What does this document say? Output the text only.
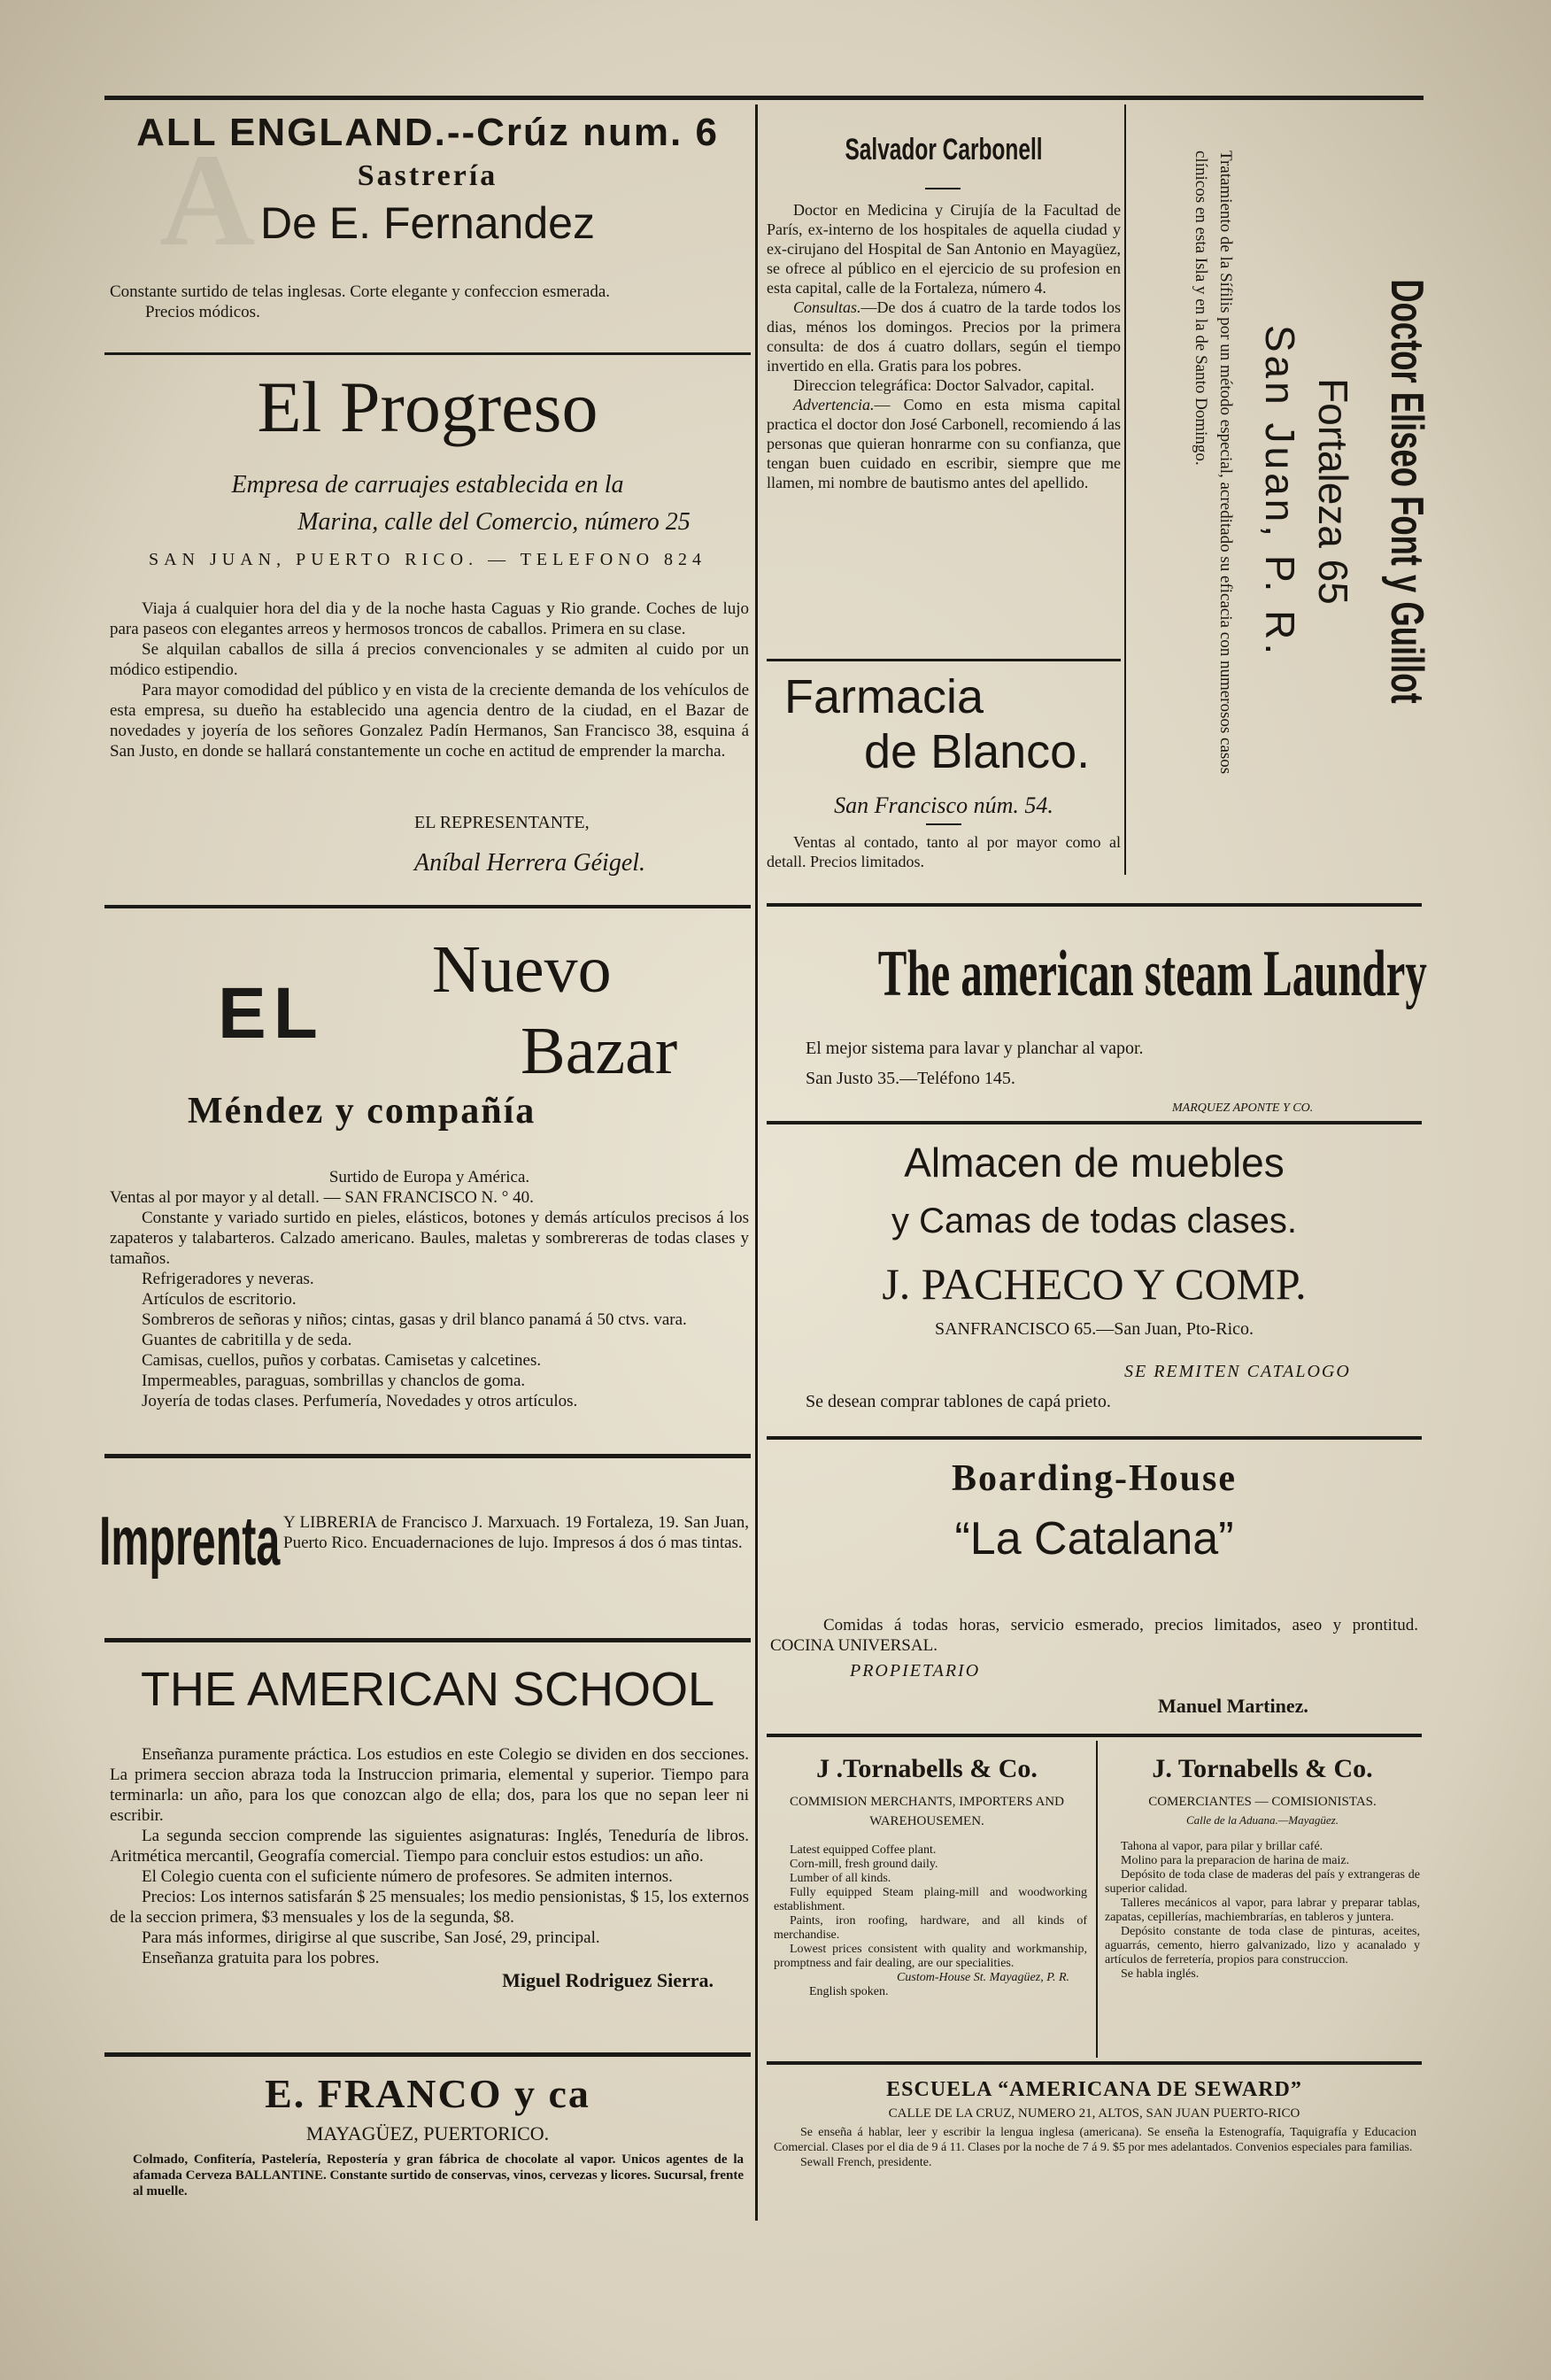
A
ALL ENGLAND.--Crúz num. 6
Sastrería
De E. Fernandez
Constante surtido de telas inglesas. Corte elegante y confeccion esmerada.
Precios módicos.
El Progreso
Empresa de carruajes establecida en la
Marina, calle del Comercio, número 25
SAN JUAN, PUERTO RICO. — TELEFONO 824
Viaja á cualquier hora del dia y de la noche hasta Caguas y Rio grande. Coches de lujo para paseos con elegantes arreos y hermosos troncos de caballos. Primera en su clase.
Se alquilan caballos de silla á precios convencionales y se admiten al cuido por un módico estipendio.
Para mayor comodidad del público y en vista de la creciente demanda de los vehículos de esta empresa, su dueño ha establecido una agencia dentro de la ciudad, en el Bazar de novedades y joyería de los señores Gonzalez Padín Hermanos, San Francisco 38, esquina á San Justo, en donde se hallará constantemente un coche en actitud de emprender la marcha.
EL REPRESENTANTE,
Aníbal Herrera Géigel.
EL
Nuevo
Bazar
Méndez y compañía
Surtido de Europa y América.
Ventas al por mayor y al detall. — SAN FRANCISCO N. ° 40.
Constante y variado surtido en pieles, elásticos, botones y demás artículos precisos á los zapateros y talabarteros. Calzado americano. Baules, maletas y sombrereras de todas clases y tamaños.
Refrigeradores y neveras.
Artículos de escritorio.
Sombreros de señoras y niños; cintas, gasas y dril blanco panamá á 50 ctvs. vara.
Guantes de cabritilla y de seda.
Camisas, cuellos, puños y corbatas. Camisetas y calcetines.
Impermeables, paraguas, sombrillas y chanclos de goma.
Joyería de todas clases. Perfumería, Novedades y otros artículos.
Imprenta Y LIBRERIA de Francisco J. Marxuach. 19 Fortaleza, 19. San Juan, Puerto Rico. Encuadernaciones de lujo. Impresos á dos ó mas tintas.
THE AMERICAN SCHOOL
Enseñanza puramente práctica. Los estudios en este Colegio se dividen en dos secciones. La primera seccion abraza toda la Instruccion primaria, elemental y superior. Tiempo para terminarla: un año, para los que conozcan algo de ella; dos, para los que no sepan leer ni escribir.
La segunda seccion comprende las siguientes asignaturas: Inglés, Teneduría de libros. Aritmética mercantil, Geografía comercial. Tiempo para concluir estos estudios: un año.
El Colegio cuenta con el suficiente número de profesores. Se admiten internos.
Precios: Los internos satisfarán $ 25 mensuales; los medio pensionistas, $ 15, los externos de la seccion primera, $3 mensuales y los de la segunda, $8.
Para más informes, dirigirse al que suscribe, San José, 29, principal.
Enseñanza gratuita para los pobres.
Miguel Rodriguez Sierra.
E. FRANCO y ca
MAYAGÜEZ, PUERTORICO.
Colmado, Confitería, Pastelería, Repostería y gran fábrica de chocolate al vapor. Unicos agentes de la afamada Cerveza BALLANTINE. Constante surtido de conservas, vinos, cervezas y licores. Sucursal, frente al muelle.
Salvador Carbonell
Doctor en Medicina y Cirujía de la Facultad de París, ex-interno de los hospitales de aquella ciudad y ex-cirujano del Hospital de San Antonio en Mayagüez, se ofrece al público en el ejercicio de su profesion en esta capital, calle de la Fortaleza, número 4.
Consultas.—De dos á cuatro de la tarde todos los dias, ménos los domingos. Precios por la primera consulta: de dos á cuatro dollars, según el tiempo invertido en ella. Gratis para los pobres.
Direccion telegráfica: Doctor Salvador, capital.
Advertencia.— Como en esta misma capital practica el doctor don José Carbonell, recomiendo á las personas que quieran honrarme con su confianza, que tengan buen cuidado en escribir, siempre que me llamen, mi nombre de bautismo antes del apellido.
Farmacia
de Blanco.
San Francisco núm. 54.
Ventas al contado, tanto al por mayor como al detall. Precios limitados.
Doctor Eliseo Font y Guillot
Fortaleza 65
San Juan, P. R.
Tratamiento de la Sífilis por un método especial, acreditado su eficacia con numerosos casos clínicos en esta Isla y en la de Santo Domingo.
The american steam Laundry
El mejor sistema para lavar y planchar al vapor.
San Justo 35.—Teléfono 145.
MARQUEZ APONTE Y CO.
Almacen de muebles
y Camas de todas clases.
J. PACHECO Y COMP.
SANFRANCISCO 65.—San Juan, Pto-Rico.
SE REMITEN CATALOGO
Se desean comprar tablones de capá prieto.
Boarding-House
“La Catalana”
Comidas á todas horas, servicio esmerado, precios limitados, aseo y prontitud. COCINA UNIVERSAL.
PROPIETARIO
Manuel Martinez.
J .Tornabells & Co.
COMMISION MERCHANTS, IMPORTERS AND WAREHOUSEMEN.
Latest equipped Coffee plant.
Corn-mill, fresh ground daily.
Lumber of all kinds.
Fully equipped Steam plaing-mill and woodworking establishment.
Paints, iron roofing, hardware, and all kinds of merchandise.
Lowest prices consistent with quality and workmanship, promptness and fair dealing, are our specialities.
Custom-House St. Mayagüez, P. R.
English spoken.
J. Tornabells & Co.
COMERCIANTES — COMISIONISTAS.
Calle de la Aduana.—Mayagüez.
Tahona al vapor, para pilar y brillar café.
Molino para la preparacion de harina de maiz.
Depósito de toda clase de maderas del país y extrangeras de superior calidad.
Talleres mecánicos al vapor, para labrar y preparar tablas, zapatas, cepillerías, machiembrarías, en tableros y juntera.
Depósito constante de toda clase de pinturas, aceites, aguarrás, cemento, hierro galvanizado, lizo y acanalado y artículos de ferretería, propios para construccion.
Se habla inglés.
ESCUELA “AMERICANA DE SEWARD”
CALLE DE LA CRUZ, NUMERO 21, ALTOS, SAN JUAN PUERTO-RICO
Se enseña á hablar, leer y escribir la lengua inglesa (americana). Se enseña la Estenografía, Taquigrafía y Educacion Comercial. Clases por el dia de 9 á 11. Clases por la noche de 7 á 9. $5 por mes adelantados. Convenios especiales para familias.
Sewall French, presidente.
